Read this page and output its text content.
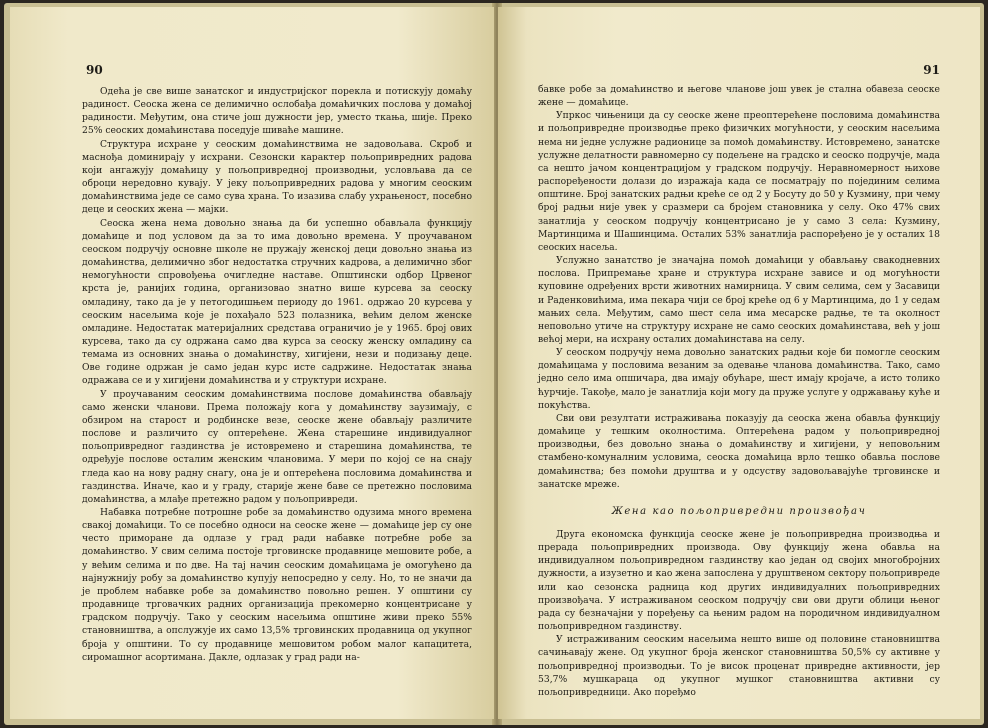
90

Одећа је све више занатског и индустријског порекла и потискују домаћу радиност. Сеоска жена се делимично ослобађа домаћичких послова у домаћој радиности. Међутим, она стиче још дужности јер, уместо ткања, шије. Преко 25% сеоских домаћинстава поседује шиваће машине.

Структура исхране у сеоским домаћинствима не задовољава. Скроб и маснођа доминирају у исхрани. Сезонски карактер пољопривредних радова који ангажују домаћицу у пољопривредној производњи, условљава да се оброци нередовно кувају. У јеку пољопривредних радова у многим сеоским домаћинствима једе се само сува храна. То изазива слабу ухрањеност, посебно деце и сеоских жена — мајки.

Сеоска жена нема довољно знања да би успешно обављала функцију домаћице и под условом да за то има довољно времена. У проучаваном сеоском подручју основне школе не пружају женској деци довољно знања из домаћинства, делимично због недостатка стручних кадрова, а делимично због немогућности спровођења очигледне наставе. Општински одбор Црвеног крста је, ранијих година, организовао знатно више курсева за сеоску омладину, тако да је у петогодишњем периоду до 1961. одржао 20 курсева у сеоским насељима које је похађало 523 полазника, већим делом женске омладине. Недостатак материјалних средстава ограничио је у 1965. број ових курсева, тако да су одржана само два курса за сеоску женску омладину са темама из основних знања о домаћинству, хигијени, нези и подизању деце. Ове године одржан је само један курс исте садржине. Недостатак знања одражава се и у хигијени домаћинства и у структури исхране.

У проучаваним сеоским домаћинствима послове домаћинства обављају само женски чланови. Према положају кога у домаћинству заузимају, с обзиром на старост и родбинске везе, сеоске жене обављају различите послове и различито су оптерећене. Жена старешине индивидуалног пољопривредног газдинства је истовремено и старешина домаћинства, те одређује послове осталим женским члановима. У мери по којој се на снају гледа као на нову радну снагу, она је и оптерећена пословима домаћинства и газдинства. Иначе, као и у граду, старије жене баве се претежно пословима домаћинства, а млађе претежно радом у пољопривреди.

Набавка потребне потрошне робе за домаћинство одузима много времена свакој домаћици. То се посебно односи на сеоске жене — домаћице јер су оне често приморане да одлазе у град ради набавке потребне робе за домаћинство. У свим селима постоје трговинске продавнице мешовите робе, а у већим селима и по две. На тај начин сеоским домаћицама је омогућено да најнужнију робу за домаћинство купују непосредно у селу. Но, то не значи да је проблем набавке робе за домаћинство повољно решен. У општини су продавнице трговачких радних организација прекомерно концентрисане у градском подручју. Тако у сеоским насељима општине живи преко 55% становништва, а опслужује их само 13,5% трговинских продавница од укупног броја у општини. То су продавнице мешовитом робом малог капацитета, сиромашног асортимана. Дакле, одлазак у град ради на-

91

бавке робе за домаћинство и његове чланове још увек је стална обавеза сеоске жене — домаћице.

Упркос чињеници да су сеоске жене преоптерећене пословима домаћинства и пољопривредне производње преко физичких могућности, у сеоским насељима нема ни једне услужне радионице за помоћ домаћинству. Истовремено, занатске услужне делатности равномерно су подељене на градско и сеоско подручје, мада са нешто јачом концентрацијом у градском подручју. Неравномерност њихове распоређености долази до изражаја када се посматрају по појединим селима општине. Број занатских радњи креће се од 2 у Босуту до 50 у Кузмину, при чему број радњи није увек у сразмери са бројем становника у селу. Око 47% свих занатлија у сеоском подручју концентрисано је у само 3 села: Кузмину, Мартинцима и Шашинцима. Осталих 53% занатлија распоређено је у осталих 18 сеоских насеља.

Услужно занатство је значајна помоћ домаћици у обављању свакодневних послова. Припремање хране и структура исхране зависе и од могућности куповине одређених врсти животних намирница. У свим селима, сем у Засавици и Раденковићима, има пекара чији се број креће од 6 у Мартинцима, до 1 у седам мањих села. Међутим, само шест села има месарске радње, те та околност неповољно утиче на структуру исхране не само сеоских домаћинстава, већ у још већој мери, на исхрану осталих домаћинстава на селу.

У сеоском подручју нема довољно занатских радњи које би помогле сеоским домаћицама у пословима везаним за одевање чланова домаћинства. Тако, само једно село има опшичара, два имају обућаре, шест имају кројаче, а исто толико ћурчије. Такође, мало је занатлија који могу да пруже услуге у одржавању куће и покућства.

Сви ови резултати истраживања показују да сеоска жена обавља функцију домаћице у тешким околностима. Оптерећена радом у пољопривредној производњи, без довољно знања о домаћинству и хигијени, у неповољним стамбено-комуналним условима, сеоска домаћица врло тешко обавља послове домаћинства; без помоћи друштва и у одсуству задовољавајуће трговинске и занатске мреже.

Жена као пољопривредни произвођач

Друга економска функција сеоске жене је пољопривредна производња и прерада пољопривредних производа. Ову функцију жена обавља на индивидуалном пољопривредном газдинству као један од својих многобројних дужности, а изузетно и као жена запослена у друштвеном сектору пољопривреде или као сезонска радница код других индивидуалних пољопривредних произвођача. У истраживаном сеоском подручју сви ови други облици њеног рада су безначајни у поређењу са њеним радом на породичном индивидуалном пољопривредном газдинству.

У истраживаним сеоским насељима нешто више од половине становништва сачињавају жене. Од укупног броја женског становништва 50,5% су активне у пољопривредној производњи. То је висок проценат привредне активности, јер 53,7% мушкараца од укупног мушког становништва активни су пољопривредници. Ако поређмо
